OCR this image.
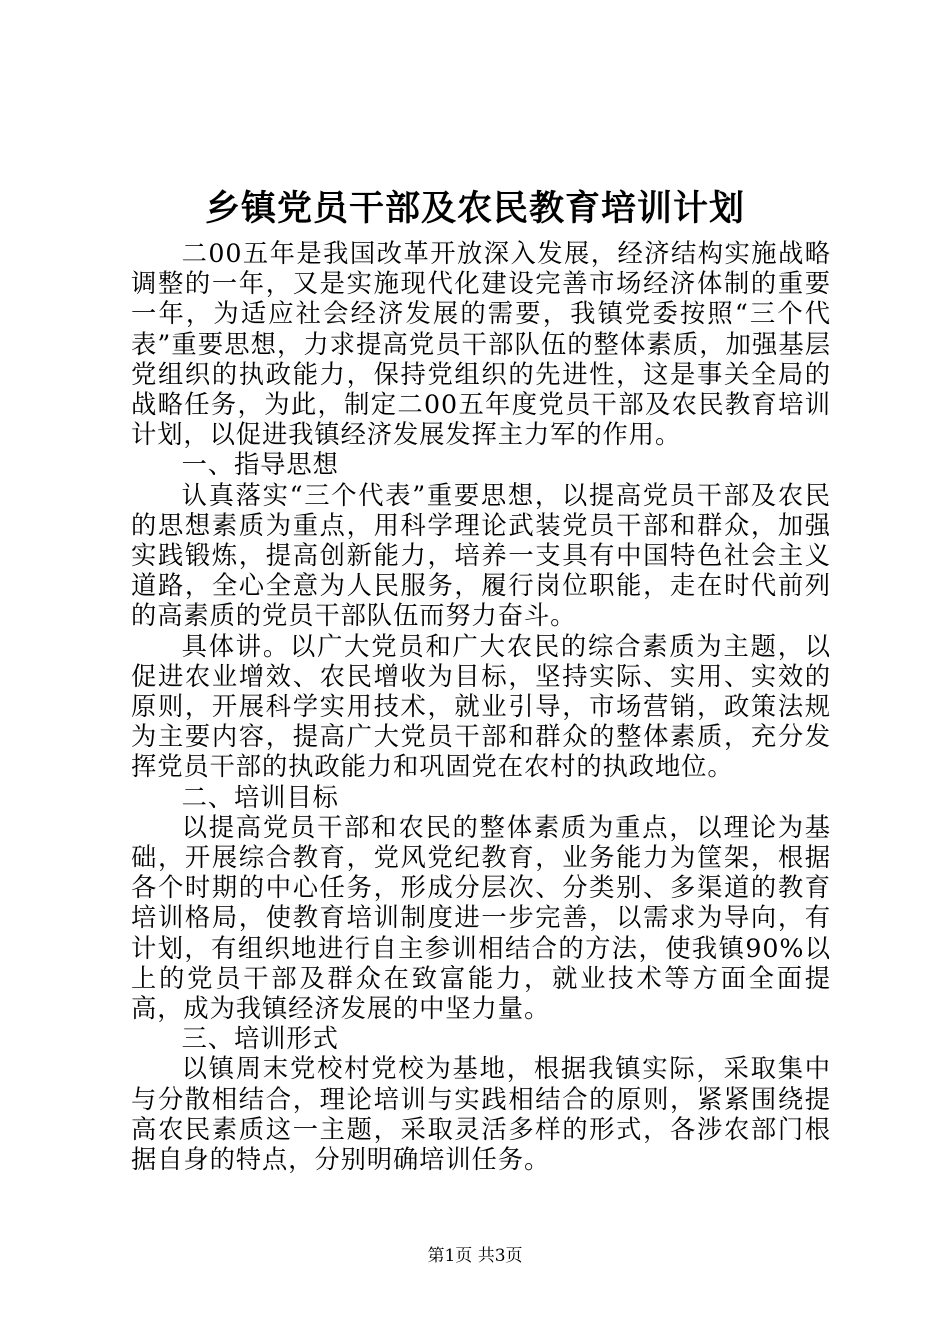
乡镇党员干部及农民教育培训计划

二00五年是我国改革开放深入发展，经济结构实施战略调整的一年，又是实施现代化建设完善市场经济体制的重要一年，为适应社会经济发展的需要，我镇党委按照“三个代表”重要思想，力求提高党员干部队伍的整体素质，加强基层党组织的执政能力，保持党组织的先进性，这是事关全局的战略任务，为此，制定二00五年度党员干部及农民教育培训计划，以促进我镇经济发展发挥主力军的作用。

一、指导思想

认真落实“三个代表”重要思想，以提高党员干部及农民的思想素质为重点，用科学理论武装党员干部和群众，加强实践锻炼，提高创新能力，培养一支具有中国特色社会主义道路，全心全意为人民服务，履行岗位职能，走在时代前列的高素质的党员干部队伍而努力奋斗。

具体讲。以广大党员和广大农民的综合素质为主题，以促进农业增效、农民增收为目标，坚持实际、实用、实效的原则，开展科学实用技术，就业引导，市场营销，政策法规为主要内容，提高广大党员干部和群众的整体素质，充分发挥党员干部的执政能力和巩固党在农村的执政地位。

二、培训目标

以提高党员干部和农民的整体素质为重点，以理论为基础，开展综合教育，党风党纪教育，业务能力为筐架，根据各个时期的中心任务，形成分层次、分类别、多渠道的教育培训格局，使教育培训制度进一步完善，以需求为导向，有计划，有组织地进行自主参训相结合的方法，使我镇90%以上的党员干部及群众在致富能力，就业技术等方面全面提高，成为我镇经济发展的中坚力量。

三、培训形式

以镇周末党校村党校为基地，根据我镇实际，采取集中与分散相结合，理论培训与实践相结合的原则，紧紧围绕提高农民素质这一主题，采取灵活多样的形式，各涉农部门根据自身的特点，分别明确培训任务。

第1页 共3页
